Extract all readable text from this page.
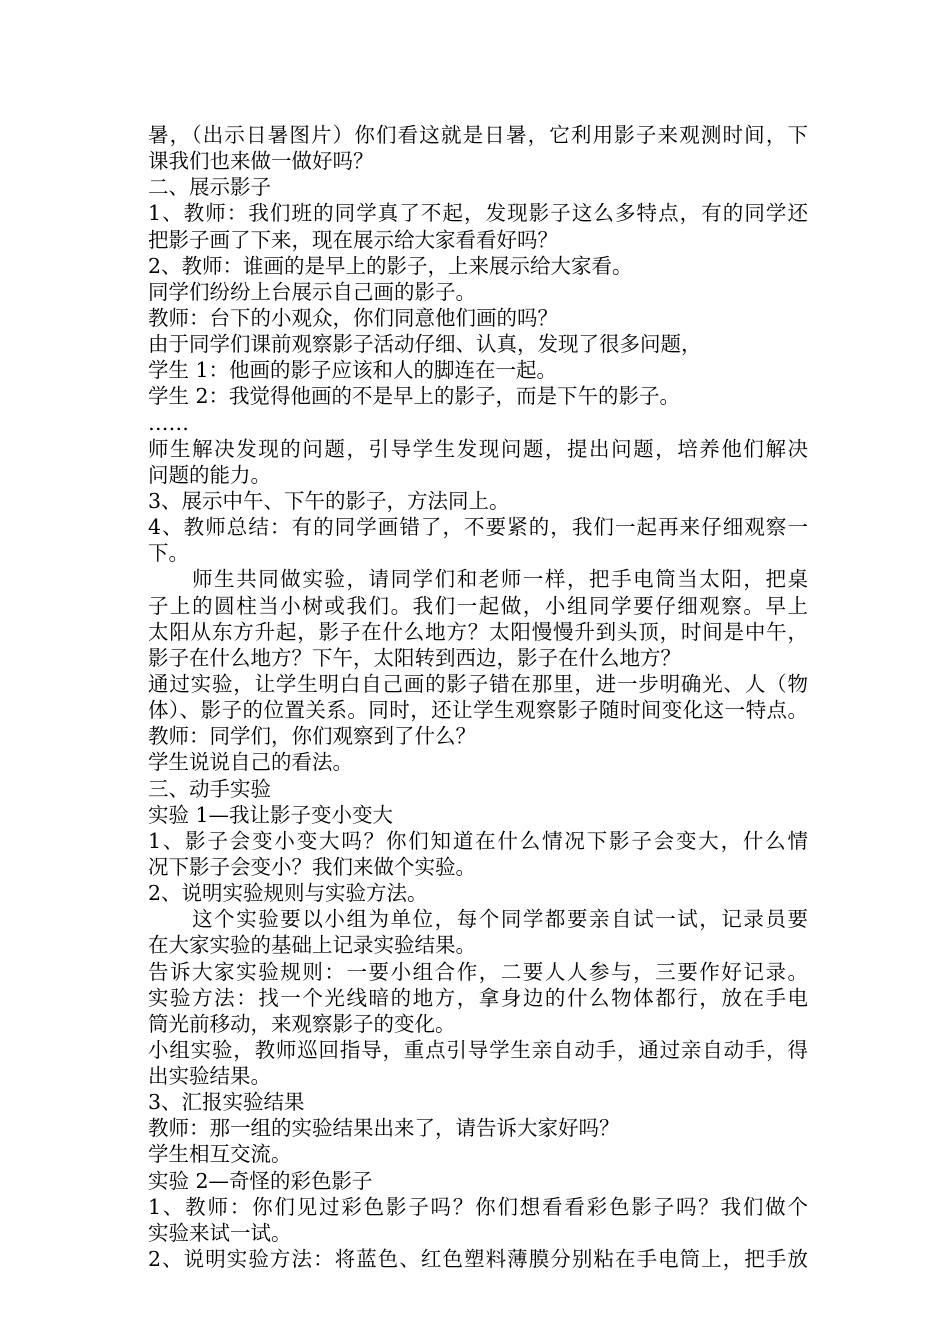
暑，（出示日暑图片）你们看这就是日暑，它利用影子来观测时间，下
课我们也来做一做好吗？
二、展示影子
1、教师：我们班的同学真了不起，发现影子这么多特点，有的同学还
把影子画了下来，现在展示给大家看看好吗？
2、教师：谁画的是早上的影子，上来展示给大家看。
同学们纷纷上台展示自己画的影子。
教师：台下的小观众，你们同意他们画的吗？
由于同学们课前观察影子活动仔细、认真，发现了很多问题，
学生 1：他画的影子应该和人的脚连在一起。
学生 2：我觉得他画的不是早上的影子，而是下午的影子。
……
师生解决发现的问题，引导学生发现问题，提出问题，培养他们解决
问题的能力。
3、展示中午、下午的影子，方法同上。
4、教师总结：有的同学画错了，不要紧的，我们一起再来仔细观察一
下。
　　师生共同做实验，请同学们和老师一样，把手电筒当太阳，把桌
子上的圆柱当小树或我们。我们一起做，小组同学要仔细观察。早上
太阳从东方升起，影子在什么地方？太阳慢慢升到头顶，时间是中午，
影子在什么地方？下午，太阳转到西边，影子在什么地方？
通过实验，让学生明白自己画的影子错在那里，进一步明确光、人（物
体）、影子的位置关系。同时，还让学生观察影子随时间变化这一特点。
教师：同学们，你们观察到了什么？
学生说说自己的看法。
三、动手实验
实验 1—我让影子变小变大
1、影子会变小变大吗？你们知道在什么情况下影子会变大，什么情
况下影子会变小？我们来做个实验。
2、说明实验规则与实验方法。
　　这个实验要以小组为单位，每个同学都要亲自试一试，记录员要
在大家实验的基础上记录实验结果。
告诉大家实验规则：一要小组合作，二要人人参与，三要作好记录。
实验方法：找一个光线暗的地方，拿身边的什么物体都行，放在手电
筒光前移动，来观察影子的变化。
小组实验，教师巡回指导，重点引导学生亲自动手，通过亲自动手，得
出实验结果。
3、汇报实验结果
教师：那一组的实验结果出来了，请告诉大家好吗？
学生相互交流。
实验 2—奇怪的彩色影子
1、教师：你们见过彩色影子吗？你们想看看彩色影子吗？我们做个
实验来试一试。
2、说明实验方法：将蓝色、红色塑料薄膜分别粘在手电筒上，把手放
